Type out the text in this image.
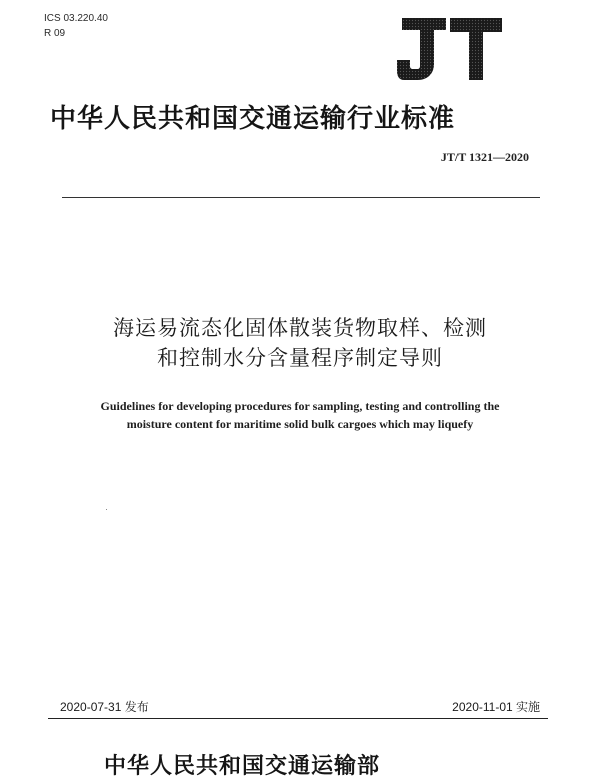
ICS 03.220.40
R 09
JT
中华人民共和国交通运输行业标准
JT/T 1321—2020
海运易流态化固体散装货物取样、检测
和控制水分含量程序制定导则
Guidelines for developing procedures for sampling, testing and controlling the
moisture content for maritime solid bulk cargoes which may liquefy
2020-07-31 发布	2020-11-01 实施
中华人民共和国交通运输部
